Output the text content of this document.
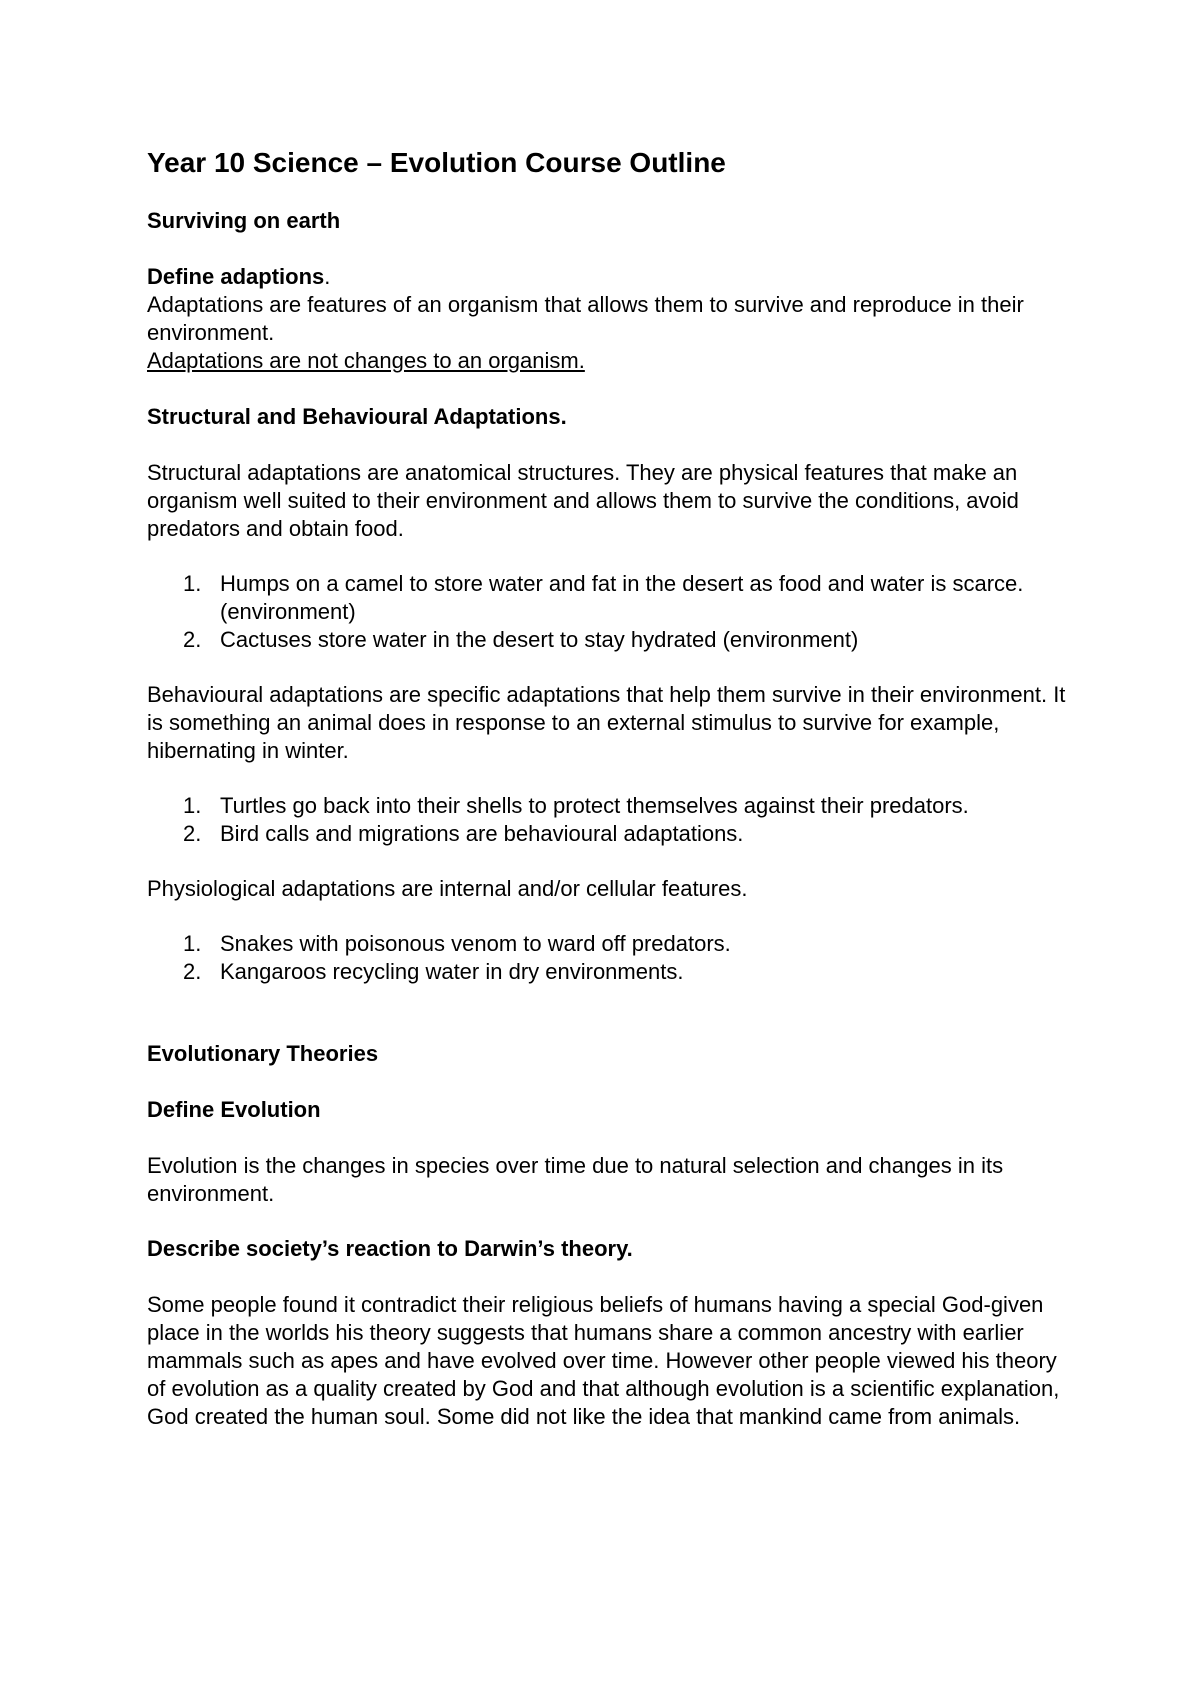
Year 10 Science – Evolution Course Outline

Surviving on earth

Define adaptions.

Adaptations are features of an organism that allows them to survive and reproduce in their environment.

Adaptations are not changes to an organism.

Structural and Behavioural Adaptations.

Structural adaptations are anatomical structures. They are physical features that make an organism well suited to their environment and allows them to survive the conditions, avoid predators and obtain food.

1. Humps on a camel to store water and fat in the desert as food and water is scarce. (environment)
2. Cactuses store water in the desert to stay hydrated (environment)

Behavioural adaptations are specific adaptations that help them survive in their environment. It is something an animal does in response to an external stimulus to survive for example, hibernating in winter.

1. Turtles go back into their shells to protect themselves against their predators.
2. Bird calls and migrations are behavioural adaptations.

Physiological adaptations are internal and/or cellular features.

1. Snakes with poisonous venom to ward off predators.
2. Kangaroos recycling water in dry environments.

Evolutionary Theories

Define Evolution

Evolution is the changes in species over time due to natural selection and changes in its environment.

Describe society’s reaction to Darwin’s theory.

Some people found it contradict their religious beliefs of humans having a special God-given place in the worlds his theory suggests that humans share a common ancestry with earlier mammals such as apes and have evolved over time. However other people viewed his theory of evolution as a quality created by God and that although evolution is a scientific explanation, God created the human soul. Some did not like the idea that mankind came from animals.
